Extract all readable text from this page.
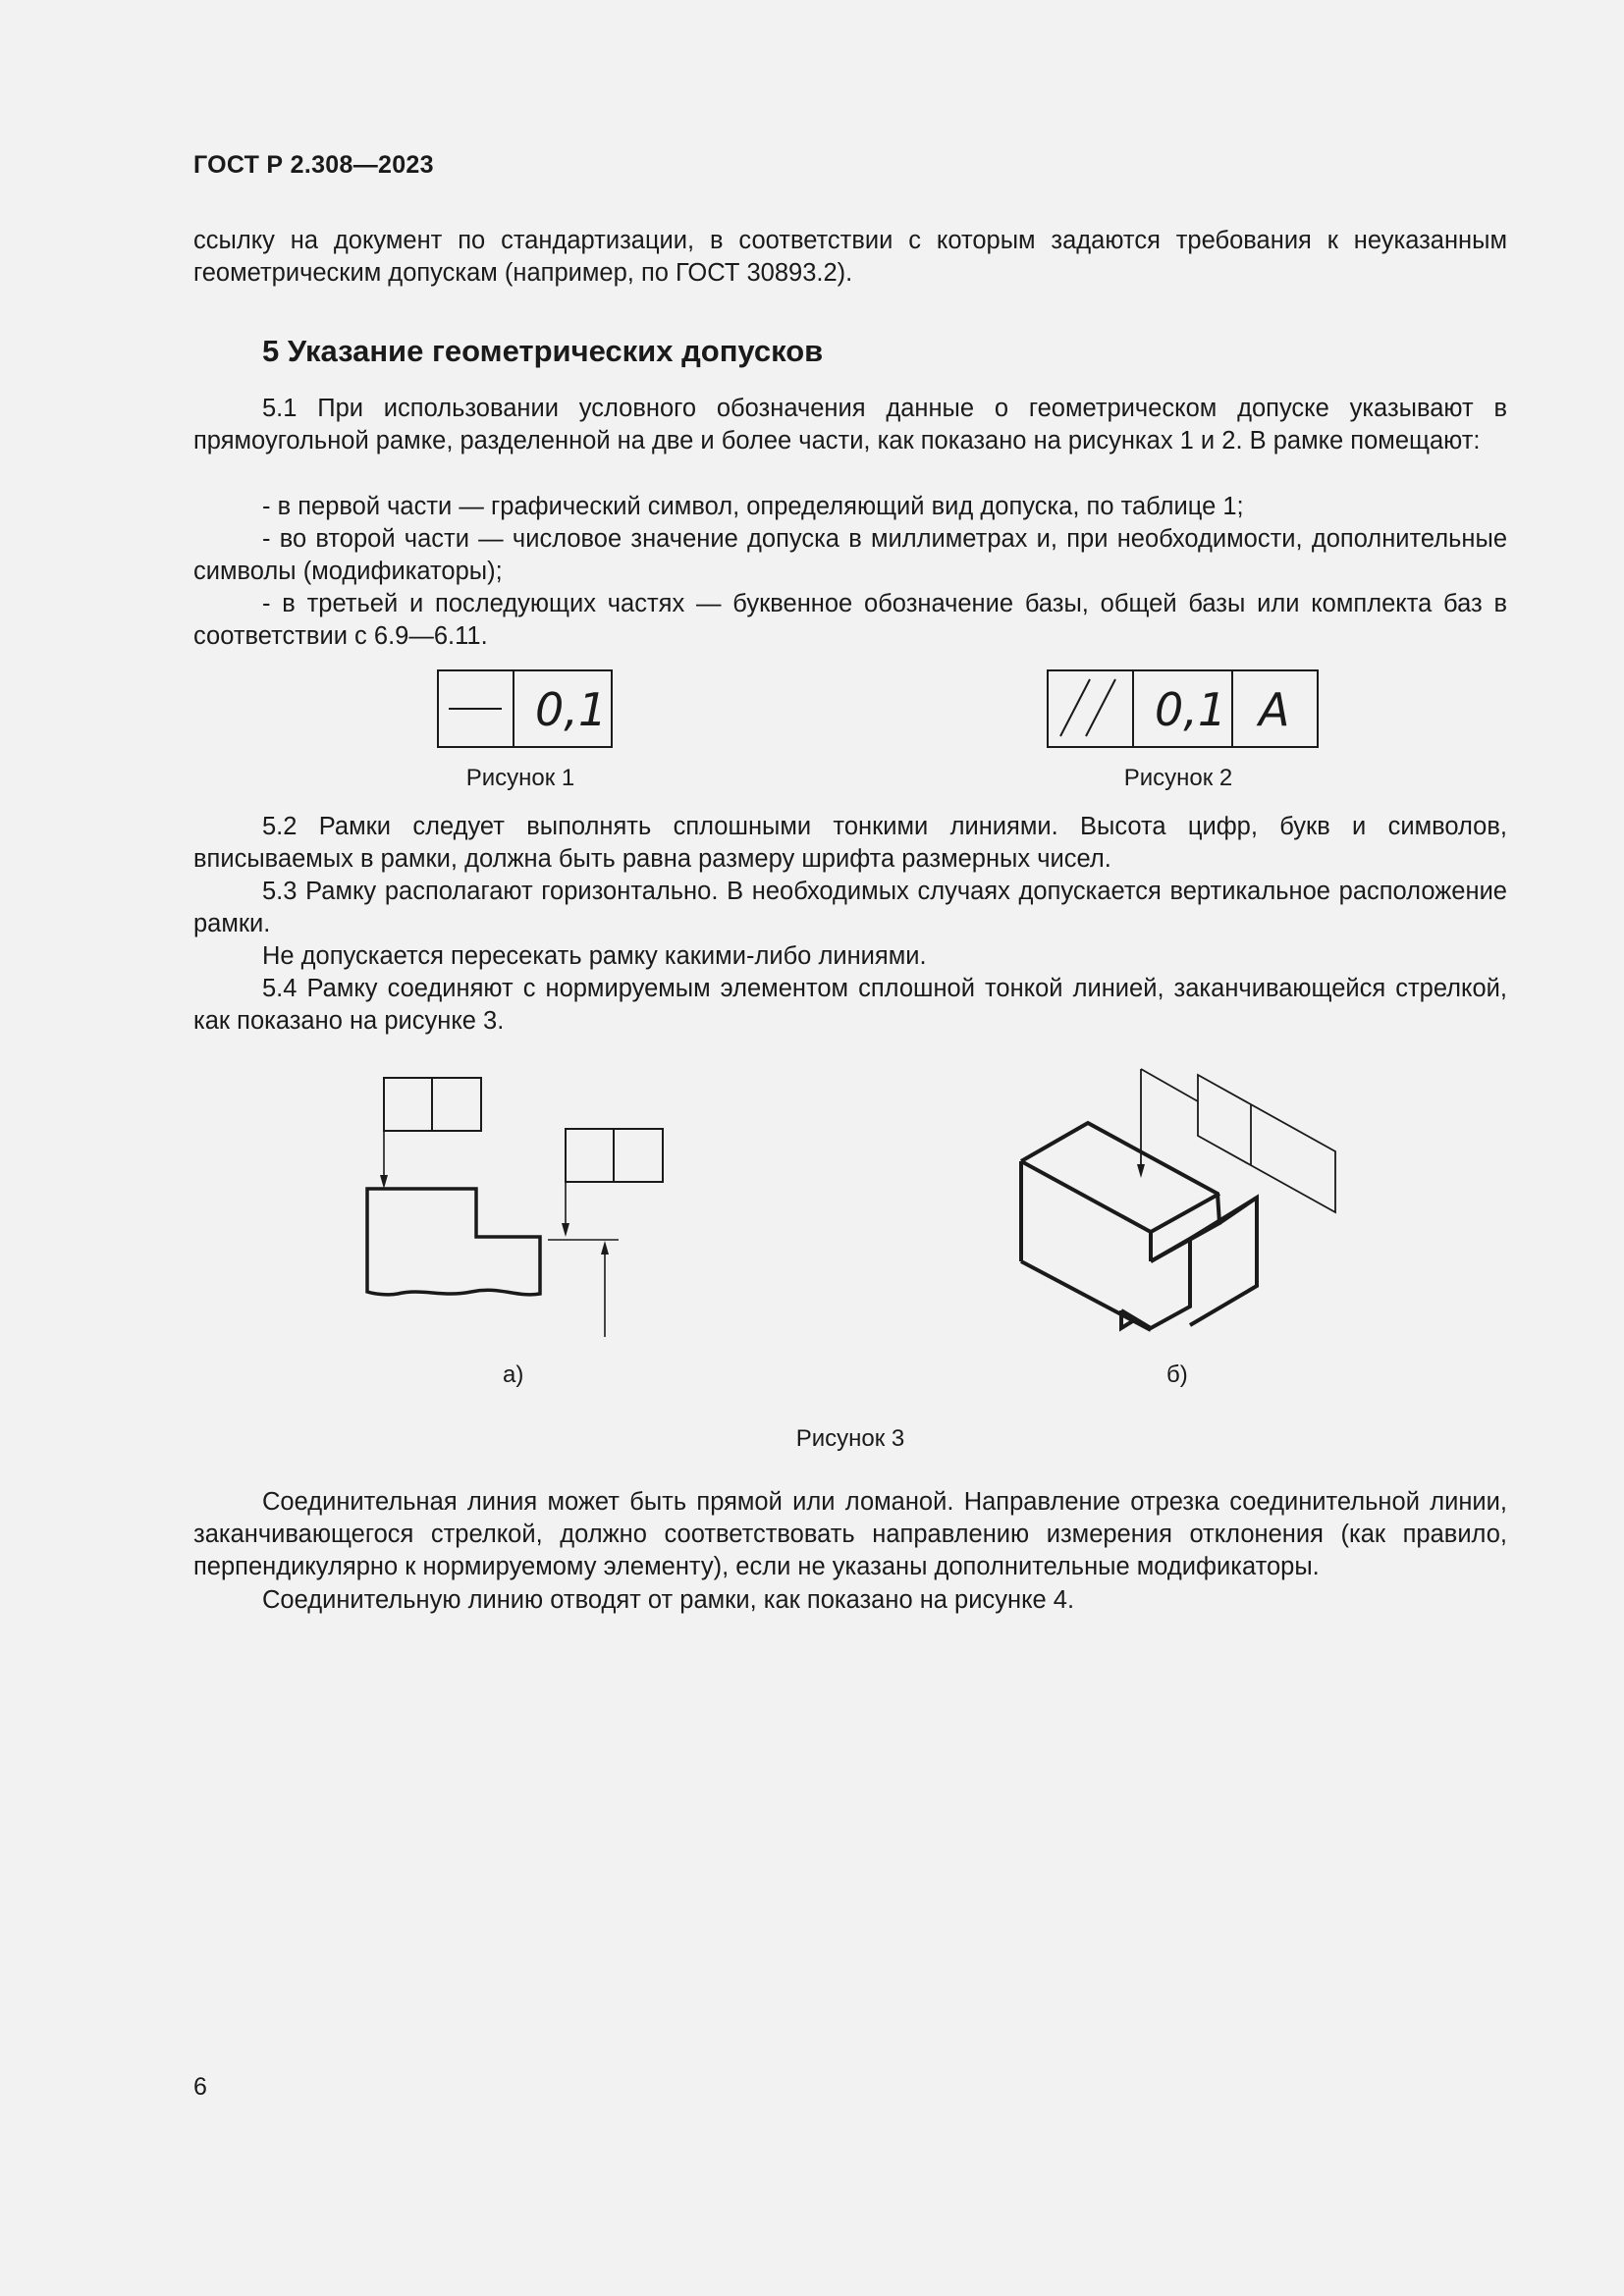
ГОСТ Р 2.308—2023

ссылку на документ по стандартизации, в соответствии с которым задаются требования к неуказанным геометрическим допускам (например, по ГОСТ 30893.2).

5 Указание геометрических допусков

5.1 При использовании условного обозначения данные о геометрическом допуске указывают в прямоугольной рамке, разделенной на две и более части, как показано на рисунках 1 и 2. В рамке помещают:

- в первой части — графический символ, определяющий вид допуска, по таблице 1;

- во второй части — числовое значение допуска в миллиметрах и, при необходимости, дополнительные символы (модификаторы);

- в третьей и последующих частях — буквенное обозначение базы, общей базы или комплекта баз в соответствии с 6.9—6.11.

0,1
Рисунок 1
0,1 A
Рисунок 2

5.2 Рамки следует выполнять сплошными тонкими линиями. Высота цифр, букв и символов, вписываемых в рамки, должна быть равна размеру шрифта размерных чисел.

5.3 Рамку располагают горизонтально. В необходимых случаях допускается вертикальное расположение рамки.

Не допускается пересекать рамку какими-либо линиями.

5.4 Рамку соединяют с нормируемым элементом сплошной тонкой линией, заканчивающейся стрелкой, как показано на рисунке 3.

а)	б)
Рисунок 3

Соединительная линия может быть прямой или ломаной. Направление отрезка соединительной линии, заканчивающегося стрелкой, должно соответствовать направлению измерения отклонения (как правило, перпендикулярно к нормируемому элементу), если не указаны дополнительные модификаторы.

Соединительную линию отводят от рамки, как показано на рисунке 4.

6
